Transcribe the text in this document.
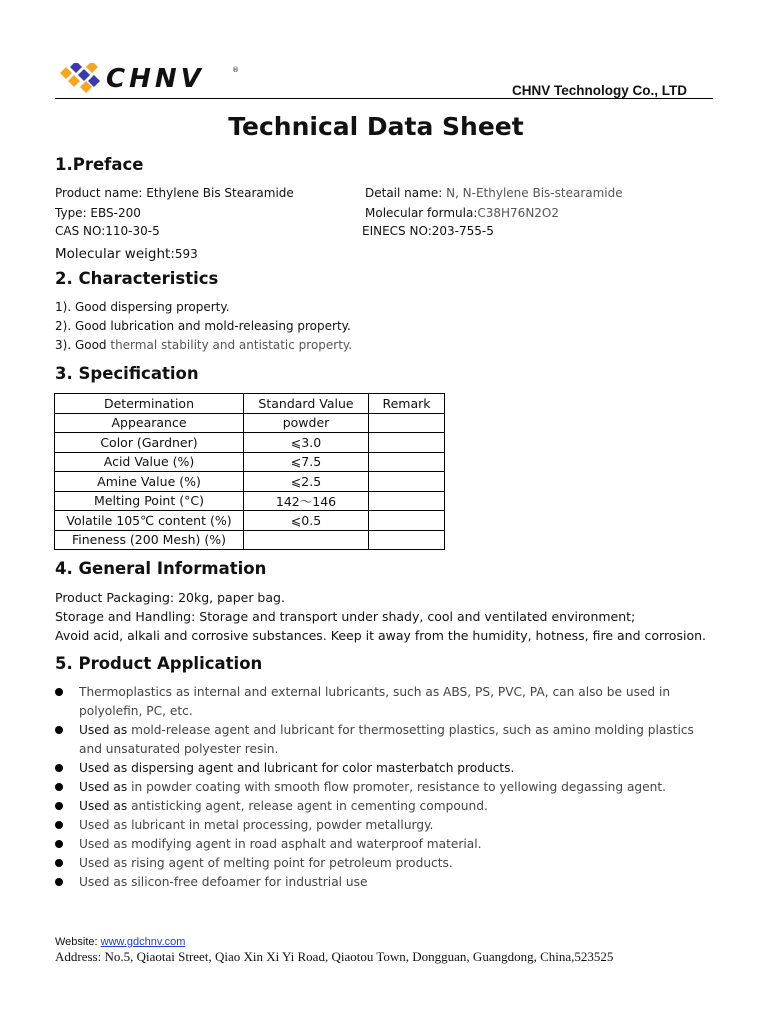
CHNV	®
CHNV Technology Co., LTD
Technical Data Sheet
1.Preface
Product name: Ethylene Bis Stearamide	Detail name: N, N-Ethylene Bis-stearamide
Type: EBS-200	Molecular formula:C38H76N2O2
CAS NO:110-30-5	EINECS NO:203-755-5
Molecular weight:593
2. Characteristics
1). Good dispersing property.
2). Good lubrication and mold-releasing property.
3). Good thermal stability and antistatic property.
3. Specification
Determination	Standard Value	Remark
Appearance	powder	
Color (Gardner)	⩽3.0	
Acid Value (%)	⩽7.5	
Amine Value (%)	⩽2.5	
Melting Point (°C)	142～146	
Volatile 105℃ content (%)	⩽0.5	
Fineness (200 Mesh) (%)		
4. General Information
Product Packaging: 20kg, paper bag.
Storage and Handling: Storage and transport under shady, cool and ventilated environment;
Avoid acid, alkali and corrosive substances. Keep it away from the humidity, hotness, fire and corrosion.
5. Product Application
Thermoplastics as internal and external lubricants, such as ABS, PS, PVC, PA, can also be used in polyolefin, PC, etc.
Used as mold-release agent and lubricant for thermosetting plastics, such as amino molding plastics and unsaturated polyester resin.
Used as dispersing agent and lubricant for color masterbatch products.
Used as in powder coating with smooth flow promoter, resistance to yellowing degassing agent.
Used as antisticking agent, release agent in cementing compound.
Used as lubricant in metal processing, powder metallurgy.
Used as modifying agent in road asphalt and waterproof material.
Used as rising agent of melting point for petroleum products.
Used as silicon-free defoamer for industrial use
Website: www.gdchnv.com
Address: No.5, Qiaotai Street, Qiao Xin Xi Yi Road, Qiaotou Town, Dongguan, Guangdong, China,523525
